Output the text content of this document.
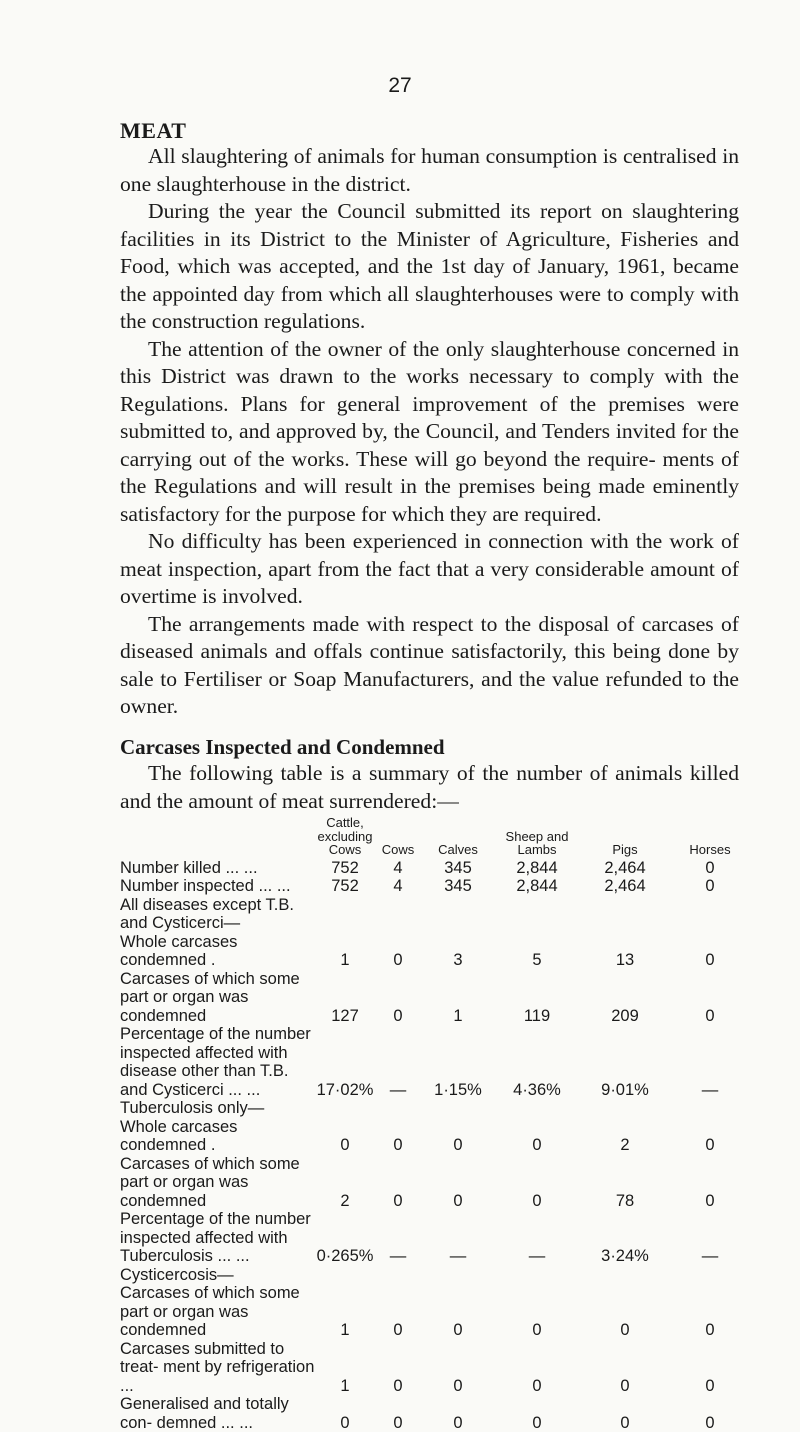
27
MEAT

All slaughtering of animals for human consumption is centralised in one slaughterhouse in the district.

During the year the Council submitted its report on slaughtering facilities in its District to the Minister of Agriculture, Fisheries and Food, which was accepted, and the 1st day of January, 1961, became the appointed day from which all slaughterhouses were to comply with the construction regulations.

The attention of the owner of the only slaughterhouse concerned in this District was drawn to the works necessary to comply with the Regulations. Plans for general improvement of the premises were submitted to, and approved by, the Council, and Tenders invited for the carrying out of the works. These will go beyond the require- ments of the Regulations and will result in the premises being made eminently satisfactory for the purpose for which they are required.

No difficulty has been experienced in connection with the work of meat inspection, apart from the fact that a very considerable amount of overtime is involved.

The arrangements made with respect to the disposal of carcases of diseased animals and offals continue satisfactorily, this being done by sale to Fertiliser or Soap Manufacturers, and the value refunded to the owner.

Carcases Inspected and Condemned

The following table is a summary of the number of animals killed and the amount of meat surrendered:—

	Cattle, excluding Cows	Cows	Calves	Sheep and Lambs	Pigs	Horses
Number killed ... ...	752	4	345	2,844	2,464	0
Number inspected ... ...	752	4	345	2,844	2,464	0
All diseases except T.B. and Cysticerci—						
Whole carcases condemned .	1	0	3	5	13	0
Carcases of which some part or organ was condemned	127	0	1	119	209	0
Percentage of the number inspected affected with disease other than T.B. and Cysticerci ... ...	17·02%	—	1·15%	4·36%	9·01%	—
Tuberculosis only—						
Whole carcases condemned .	0	0	0	0	2	0
Carcases of which some part or organ was condemned	2	0	0	0	78	0
Percentage of the number inspected affected with Tuberculosis ... ...	0·265%	—	—	—	3·24%	—
Cysticercosis—						
Carcases of which some part or organ was condemned	1	0	0	0	0	0
Carcases submitted to treat- ment by refrigeration ...	1	0	0	0	0	0
Generalised and totally con- demned ... ...	0	0	0	0	0	0
